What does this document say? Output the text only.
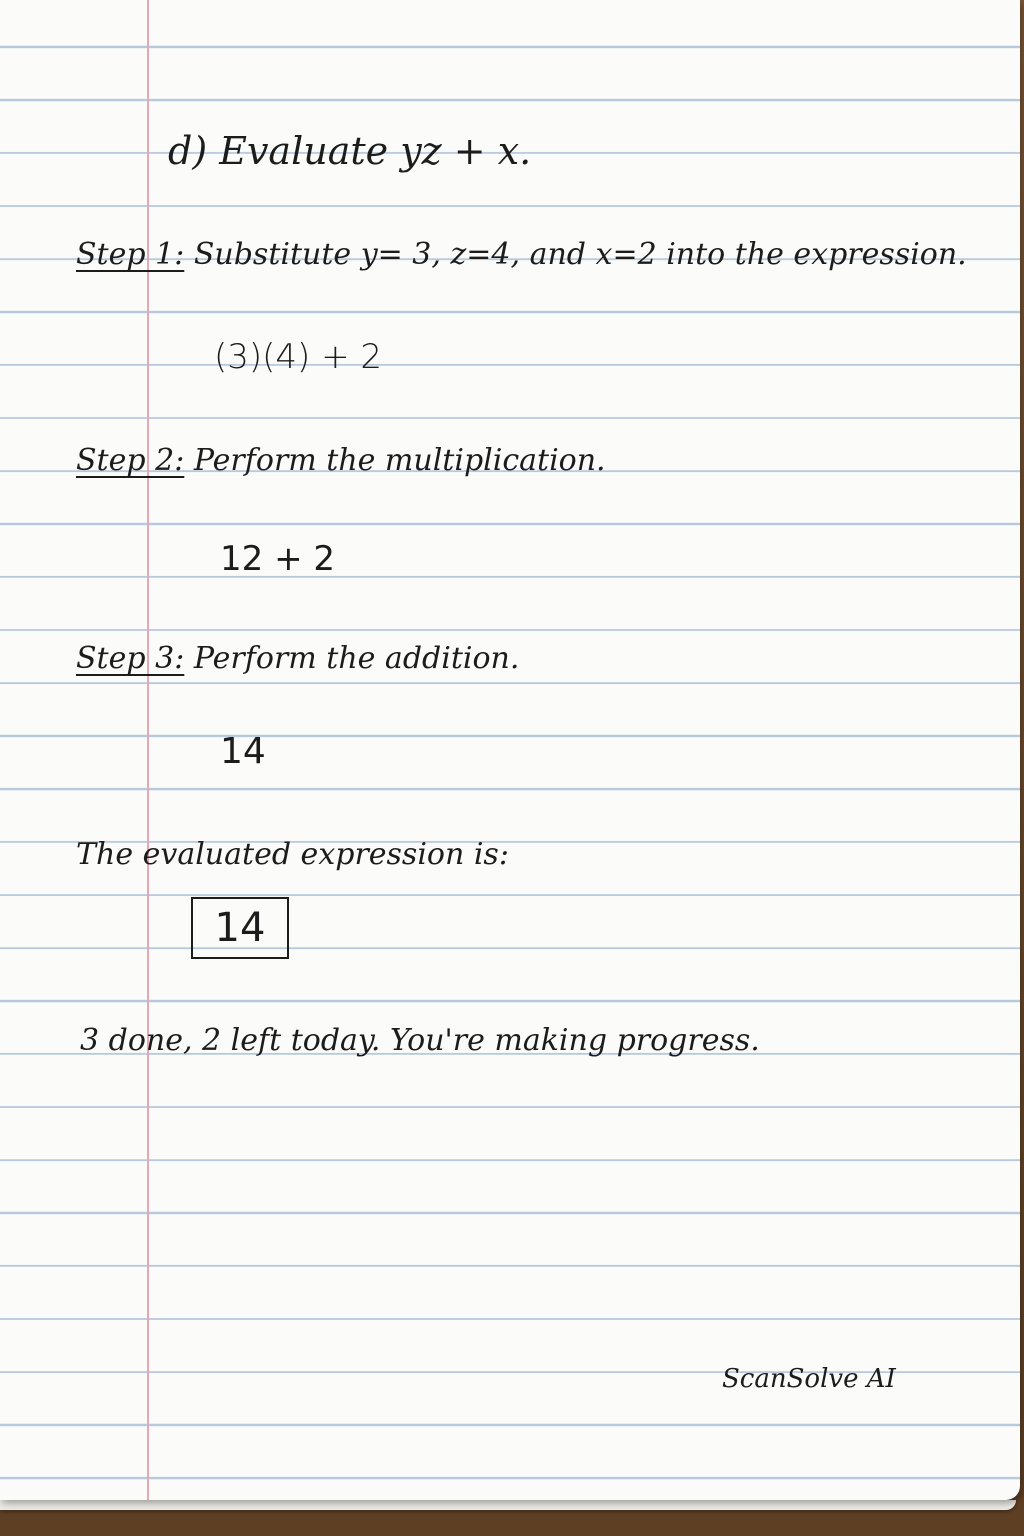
d) Evaluate yz + x.
Step 1: Substitute y= 3, z=4, and x=2 into the expression.
(3)(4) + 2
Step 2: Perform the multiplication.
12 + 2
Step 3: Perform the addition.
14
The evaluated expression is:
14
3 done, 2 left today. You're making progress.
ScanSolve AI
